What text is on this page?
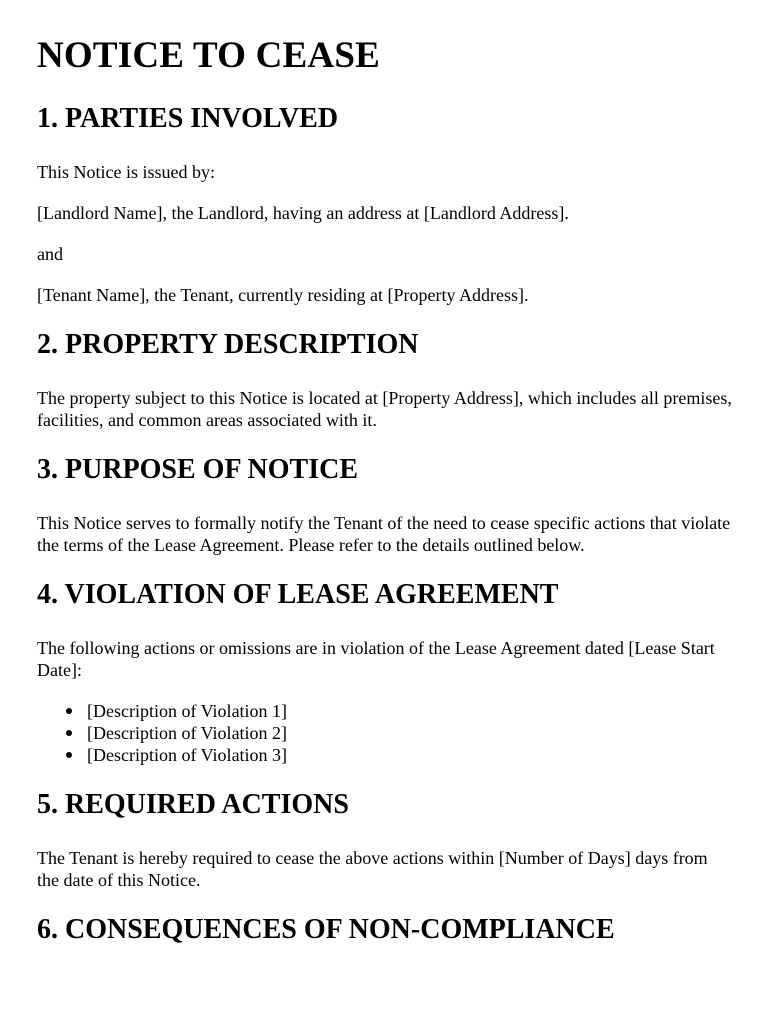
NOTICE TO CEASE
1. PARTIES INVOLVED

This Notice is issued by:

[Landlord Name], the Landlord, having an address at [Landlord Address].

and

[Tenant Name], the Tenant, currently residing at [Property Address].

2. PROPERTY DESCRIPTION

The property subject to this Notice is located at [Property Address], which includes all premises, facilities, and common areas associated with it.

3. PURPOSE OF NOTICE

This Notice serves to formally notify the Tenant of the need to cease specific actions that violate the terms of the Lease Agreement. Please refer to the details outlined below.

4. VIOLATION OF LEASE AGREEMENT

The following actions or omissions are in violation of the Lease Agreement dated [Lease Start Date]:

[Description of Violation 1]
[Description of Violation 2]
[Description of Violation 3]
5. REQUIRED ACTIONS

The Tenant is hereby required to cease the above actions within [Number of Days] days from the date of this Notice.

6. CONSEQUENCES OF NON-COMPLIANCE
